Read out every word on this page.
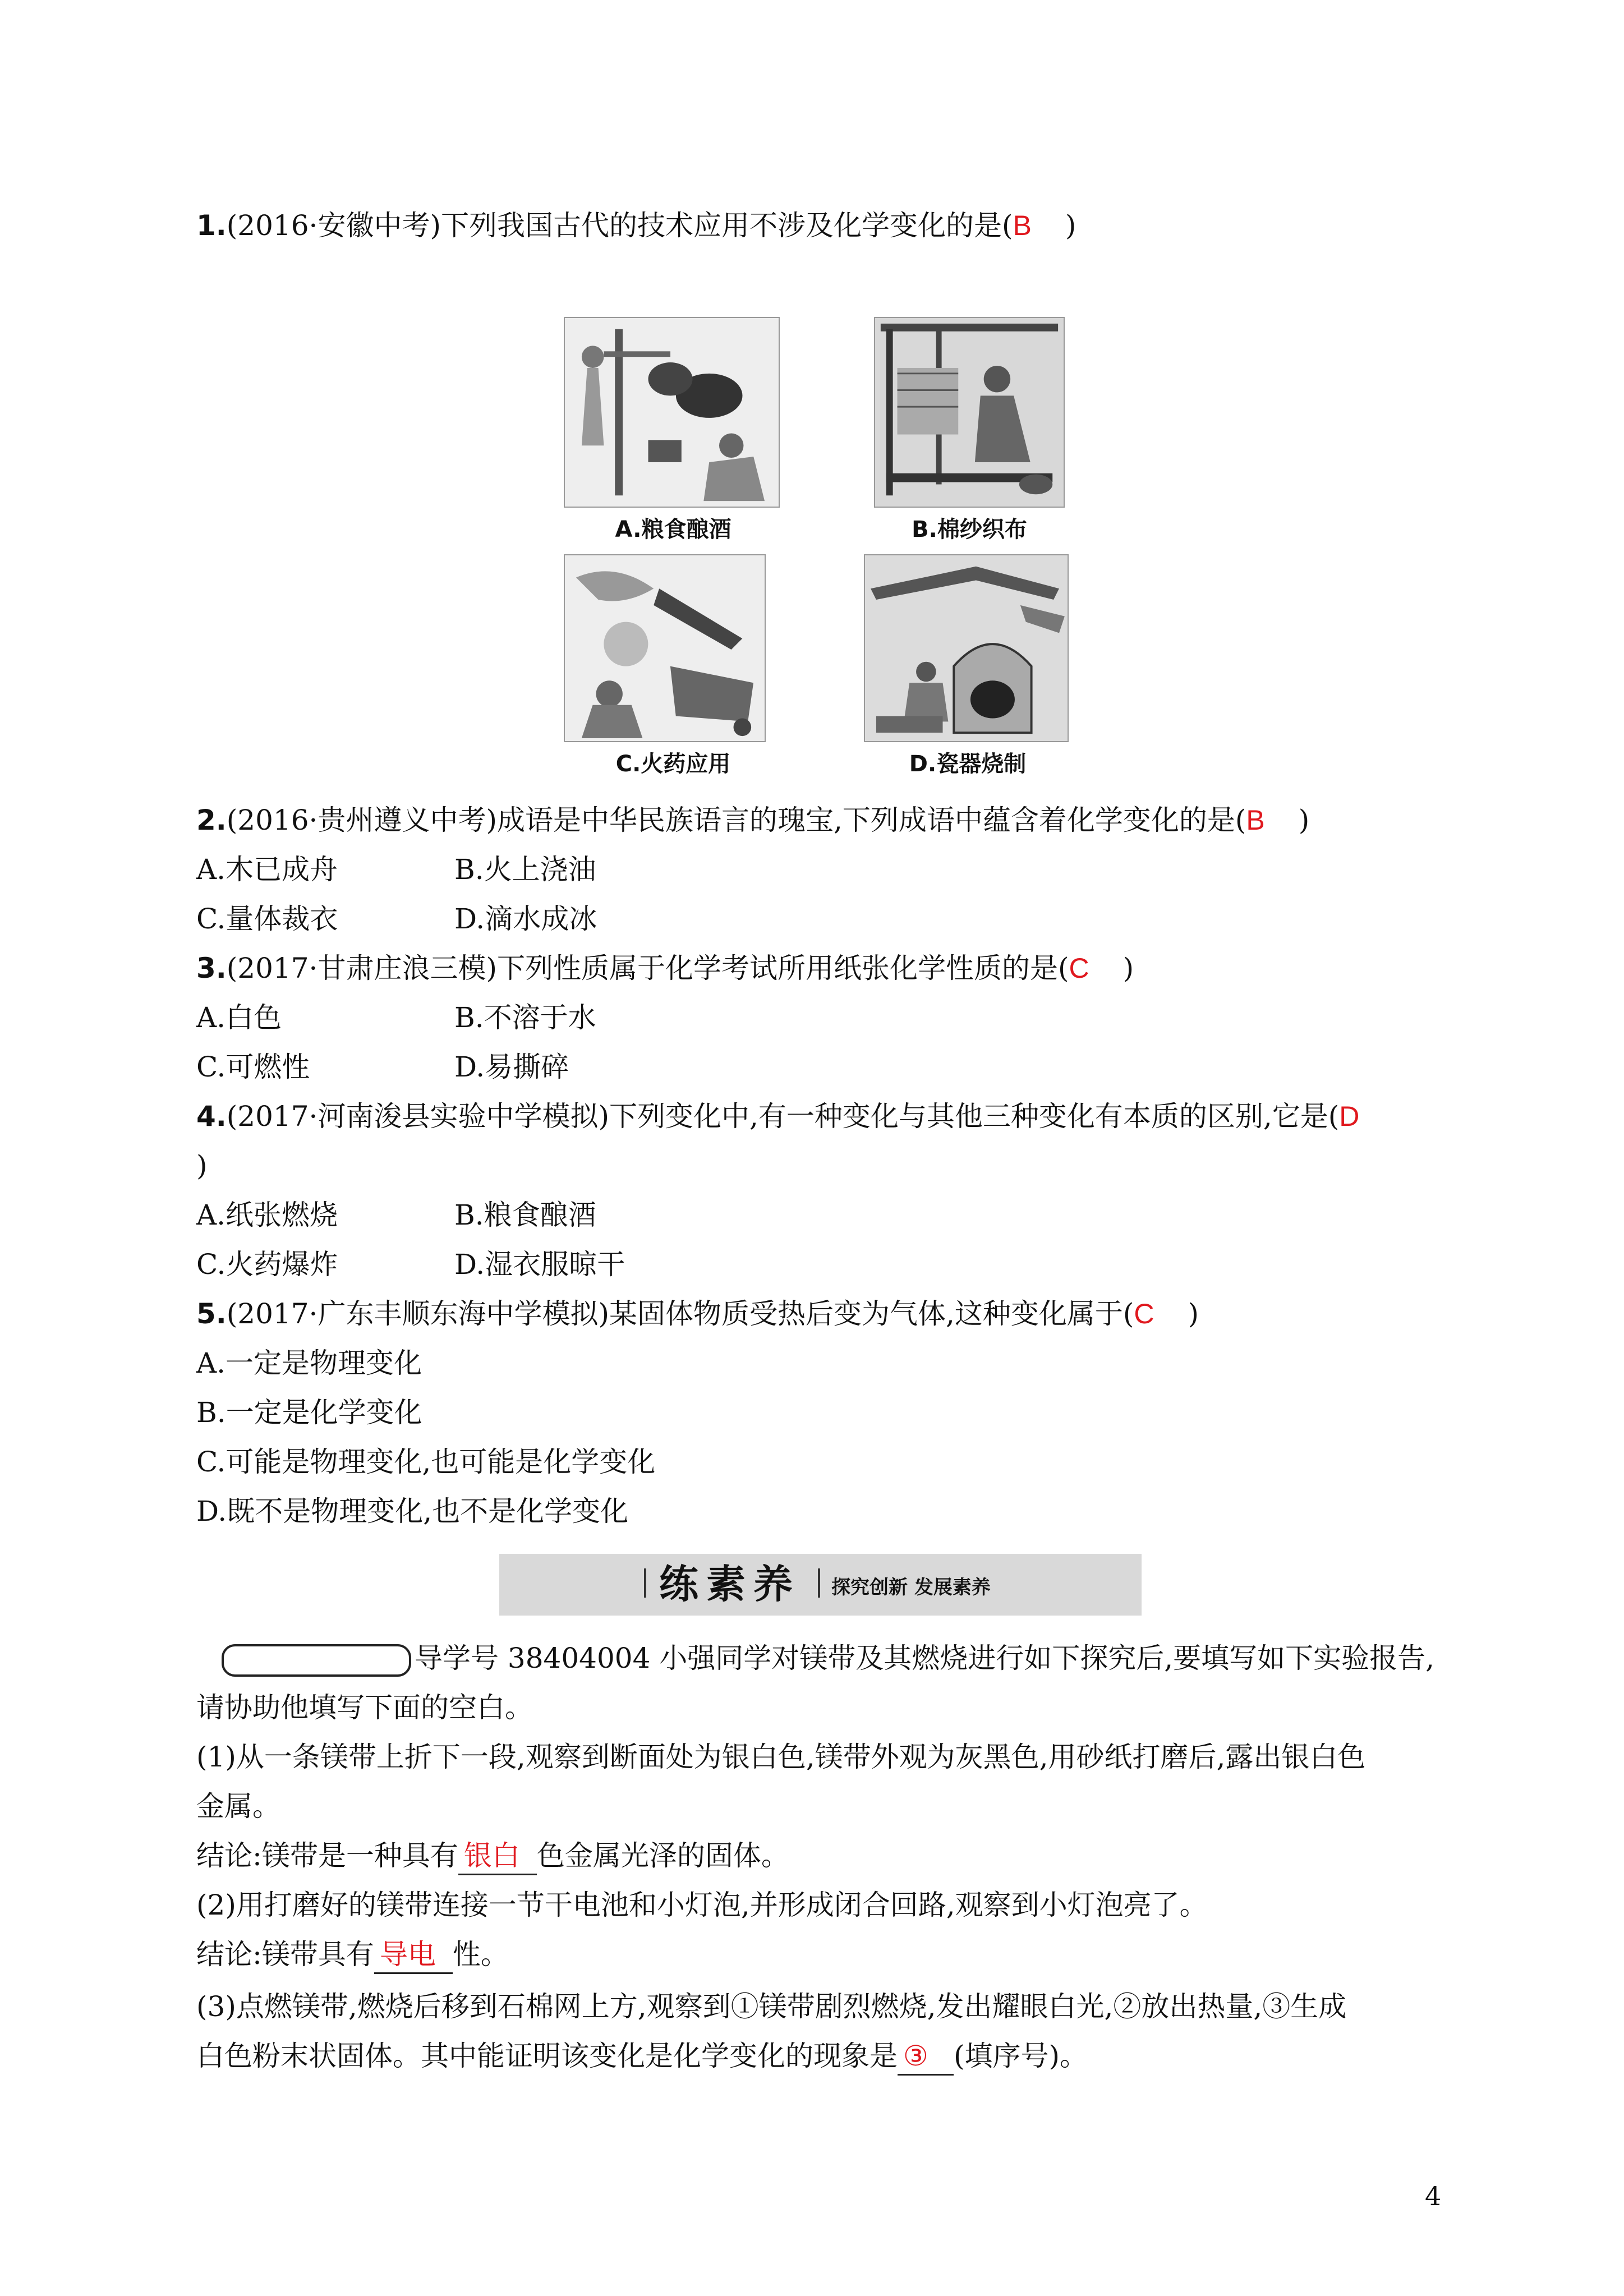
1.(2016·安徽中考)下列我国古代的技术应用不涉及化学变化的是(B )
A.粮食酿酒	B.棉纱织布
C.火药应用	D.瓷器烧制
2.(2016·贵州遵义中考)成语是中华民族语言的瑰宝,下列成语中蕴含着化学变化的是(B )
A.木已成舟	B.火上浇油
C.量体裁衣	D.滴水成冰
3.(2017·甘肃庄浪三模)下列性质属于化学考试所用纸张化学性质的是(C )
A.白色	B.不溶于水
C.可燃性	D.易撕碎
4.(2017·河南浚县实验中学模拟)下列变化中,有一种变化与其他三种变化有本质的区别,它是(D
)
A.纸张燃烧	B.粮食酿酒
C.火药爆炸	D.湿衣服晾干
5.(2017·广东丰顺东海中学模拟)某固体物质受热后变为气体,这种变化属于(C )
A.一定是物理变化
B.一定是化学变化
C.可能是物理变化,也可能是化学变化
D.既不是物理变化,也不是化学变化
练素养 探究创新 发展素养
导学号 38404004 小强同学对镁带及其燃烧进行如下探究后,要填写如下实验报告,
请协助他填写下面的空白。
(1)从一条镁带上折下一段,观察到断面处为银白色,镁带外观为灰黑色,用砂纸打磨后,露出银白色
金属。
结论:镁带是一种具有 银白 色金属光泽的固体。
(2)用打磨好的镁带连接一节干电池和小灯泡,并形成闭合回路,观察到小灯泡亮了。
结论:镁带具有 导电 性。
(3)点燃镁带,燃烧后移到石棉网上方,观察到①镁带剧烈燃烧,发出耀眼白光,②放出热量,③生成
白色粉末状固体。其中能证明该变化是化学变化的现象是 ③ (填序号)。
4
